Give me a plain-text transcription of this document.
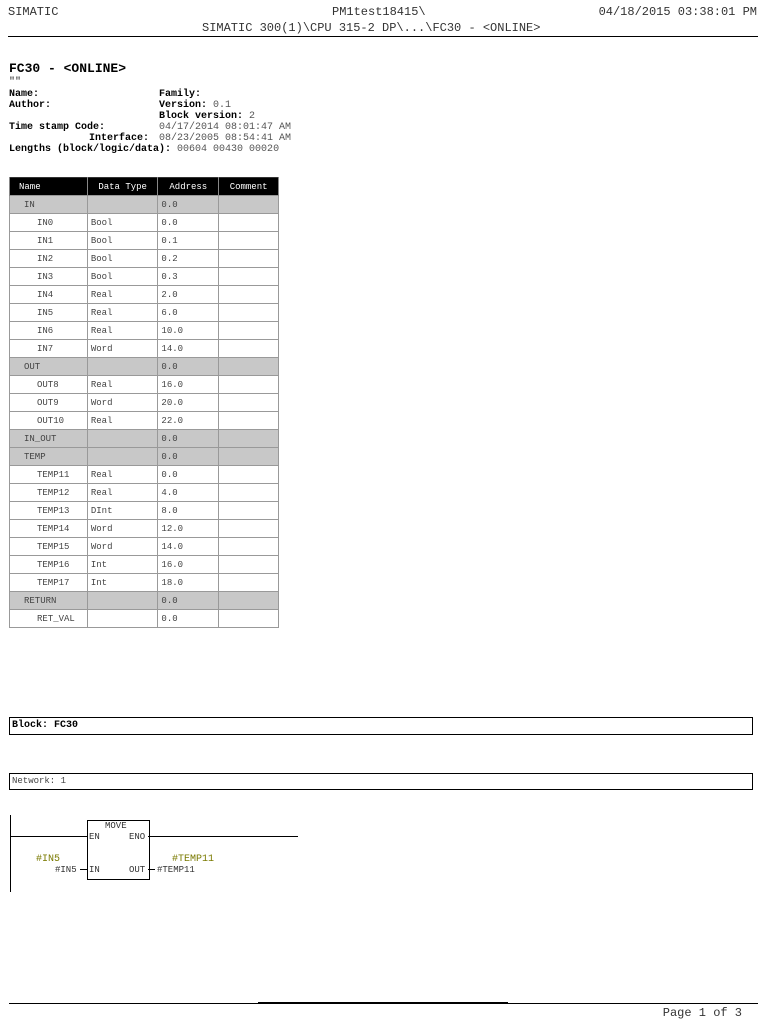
SIMATIC	PM1test18415\	04/18/2015 03:38:01 PM
SIMATIC 300(1)\CPU 315-2 DP\...\FC30 - <ONLINE>
FC30 - <ONLINE>
""
Name:
Author:
Family:
Version: 0.1
Block version: 2
Time stamp Code:	04/17/2014 08:01:47 AM
Interface: 08/23/2005 08:54:41 AM
Lengths (block/logic/data): 00604 00430 00020
Name	Data Type	Address	Comment
IN		0.0	
IN0	Bool	0.0	
IN1	Bool	0.1	
IN2	Bool	0.2	
IN3	Bool	0.3	
IN4	Real	2.0	
IN5	Real	6.0	
IN6	Real	10.0	
IN7	Word	14.0	
OUT		0.0	
OUT8	Real	16.0	
OUT9	Word	20.0	
OUT10	Real	22.0	
IN_OUT		0.0	
TEMP		0.0	
TEMP11	Real	0.0	
TEMP12	Real	4.0	
TEMP13	DInt	8.0	
TEMP14	Word	12.0	
TEMP15	Word	14.0	
TEMP16	Int	16.0	
TEMP17	Int	18.0	
RETURN		0.0	
RET_VAL		0.0	
Block: FC30
Network: 1
MOVE
EN	ENO
IN	OUT
#IN5
#IN5
#TEMP11
#TEMP11
Page 1 of 3
